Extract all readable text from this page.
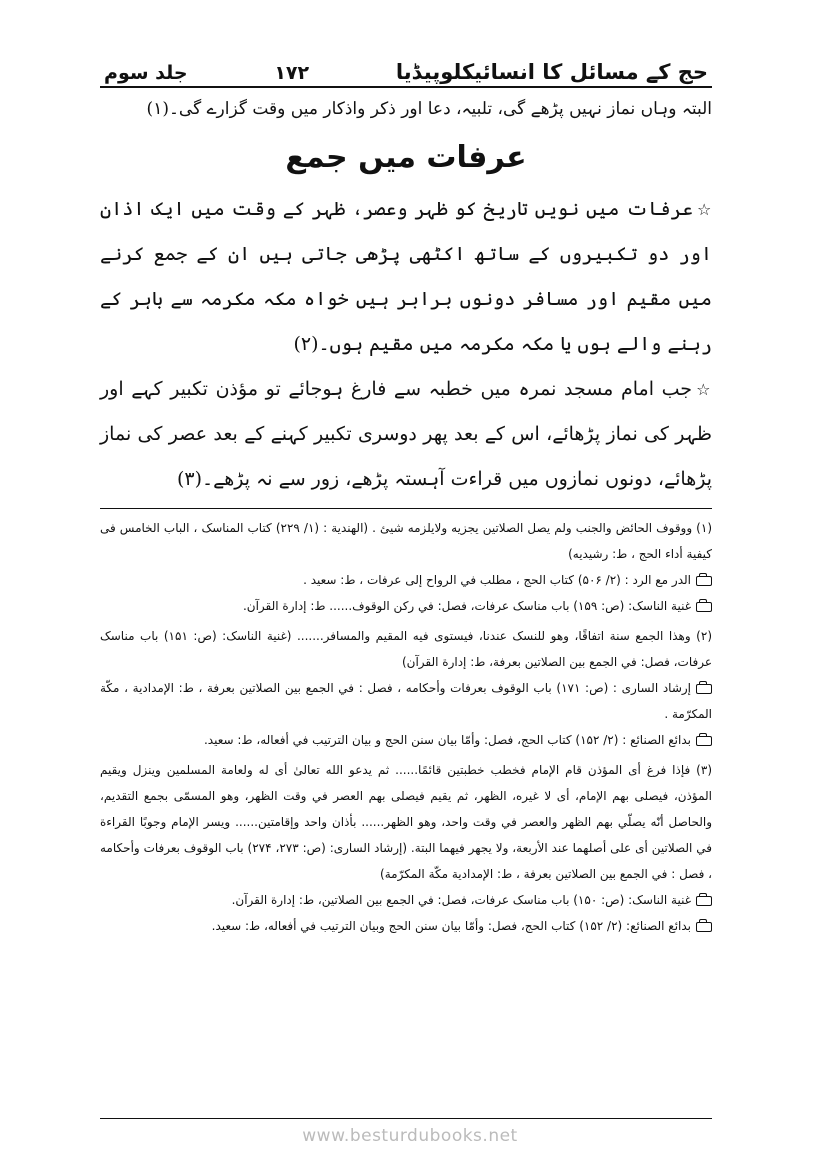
حج کے مسائل کا انسائیکلوپیڈیا
۱۷۲
جلد سوم
البتہ وہاں نماز نہیں پڑھے گی، تلبیہ، دعا اور ذکر واذکار میں وقت گزارے گی۔(۱)
عرفات میں جمع

☆عرفات میں نویں تاریخ کو ظہر وعصر، ظہر کے وقت میں ایک اذان اور دو تکبیروں کے ساتھ اکٹھی پڑھی جاتی ہیں ان کے جمع کرنے میں مقیم اور مسافر دونوں برابر ہیں خواہ مکہ مکرمہ سے باہر کے رہنے والے ہوں یا مکہ مکرمہ میں مقیم ہوں۔(۲)

☆جب امام مسجد نمرہ میں خطبہ سے فارغ ہوجائے تو مؤذن تکبیر کہے اور ظہر کی نماز پڑھائے، اس کے بعد پھر دوسری تکبیر کہنے کے بعد عصر کی نماز پڑھائے، دونوں نمازوں میں قراءت آہستہ پڑھے، زور سے نہ پڑھے۔(۳)

(۱) ووقوف الحائض والجنب ولم يصل الصلاتين يجزيه ولايلزمه شيئ . (الهندية : (۱/ ۲۲۹) كتاب المناسک ، الباب الخامس فى كيفية أداء الحج ، ط: رشيديه)

الدر مع الرد : (۲/ ۵۰۶) كتاب الحج ، مطلب في الرواح إلى عرفات ، ط: سعيد .

غنية الناسک: (ص: ۱۵۹) باب مناسک عرفات، فصل: في ركن الوقوف...... ط: إدارة القرآن.

(۲) وهذا الجمع سنة اتفاقًا، وهو للنسک عندنا، فيستوى فيه المقيم والمسافر....... (غنية الناسک: (ص: ۱۵۱) باب مناسک عرفات، فصل: في الجمع بين الصلاتين بعرفة، ط: إدارة القرآن)

إرشاد السارى : (ص: ۱۷۱) باب الوقوف بعرفات وأحكامه ، فصل : في الجمع بين الصلاتين بعرفة ، ط: الإمدادية ، مكّة المكرّمة .

بدائع الصنائع : (۲/ ۱۵۲) كتاب الحج، فصل: وأمّا بيان سنن الحج و بيان الترتيب في أفعاله، ط: سعيد.

(۳) فإذا فرغ أى المؤذن قام الإمام فخطب خطبتين قائمًا...... ثم يدعو الله تعالىٰ أى له ولعامة المسلمين وينزل ويقيم المؤذن، فيصلى بهم الإمام، أى لا غيره، الظهر، ثم يقيم فيصلى بهم العصر في وقت الظهر، وهو المسمّى بجمع التقديم، والحاصل أنّه يصلّي بهم الظهر والعصر في وقت واحد، وهو الظهر...... بأذان واحد وإقامتين...... ويسر الإمام وجوبًا القراءة في الصلاتين أى على أصلهما عند الأربعة، ولا يجهر فيهما البتة. (إرشاد السارى: (ص: ۲۷۳، ۲۷۴) باب الوقوف بعرفات وأحكامه ، فصل : في الجمع بين الصلاتين بعرفة ، ط: الإمدادية مكّة المكرّمة)

غنية الناسک: (ص: ۱۵۰) باب مناسک عرفات، فصل: في الجمع بين الصلاتين، ط: إدارة القرآن.

بدائع الصنائع: (۲/ ۱۵۲) كتاب الحج، فصل: وأمّا بيان سنن الحج وبيان الترتيب في أفعاله، ط: سعيد.

www.besturdubooks.net
